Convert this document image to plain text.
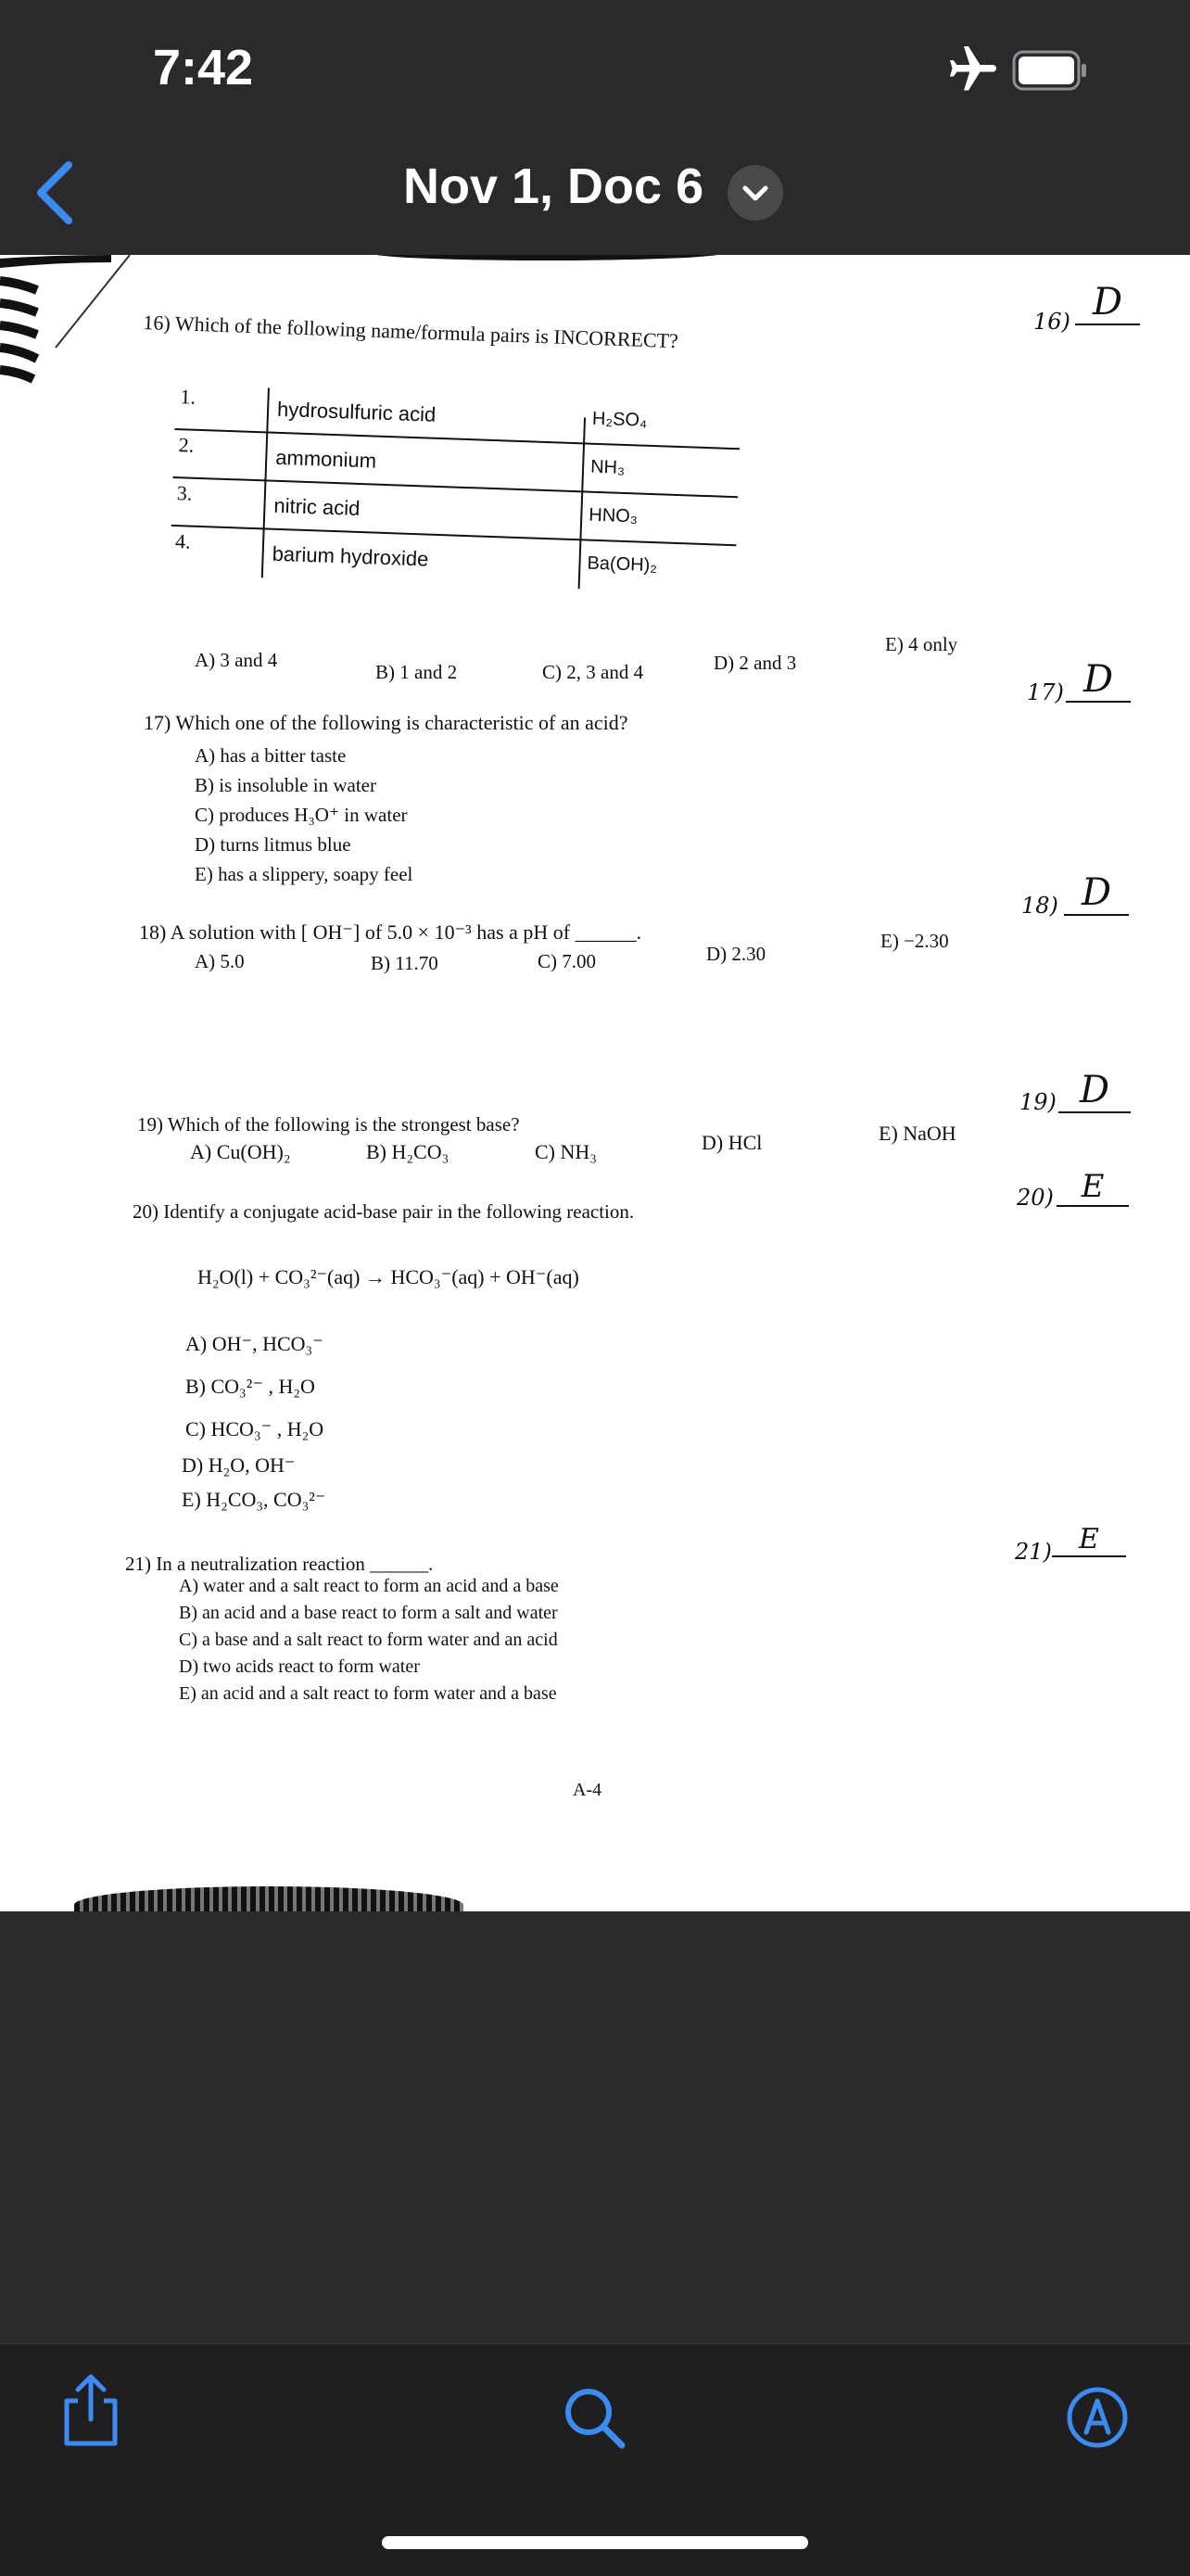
7:42
Nov 1, Doc 6
16) Which of the following name/formula pairs is INCORRECT?	16) D
1.
hydrosulfuric acid	H₂SO₄
2.
ammonium	NH₃
3.
nitric acid	HNO₃
4.
barium hydroxide	Ba(OH)₂
A) 3 and 4
B) 1 and 2	C) 2, 3 and 4	D) 2 and 3
E) 4 only
17) Which one of the following is characteristic of an acid?
17) D
A) has a bitter taste
B) is insoluble in water
C) produces H₃O⁺ in water
D) turns litmus blue
E) has a slippery, soapy feel
18) A solution with [ OH⁻] of 5.0 × 10⁻³ has a pH of ______.
18) D
A) 5.0	B) 11.70	C) 7.00	D) 2.30
E) −2.30
19) Which of the following is the strongest base?
19) D
A) Cu(OH)₂	B) H₂CO₃	C) NH₃	D) HCl	E) NaOH
20) Identify a conjugate acid-base pair in the following reaction.
20) E
H₂O(l) + CO₃²⁻(aq) → HCO₃⁻(aq) + OH⁻(aq)
A) OH⁻, HCO₃⁻
B) CO₃²⁻ , H₂O
C) HCO₃⁻ , H₂O
D) H₂O, OH⁻
E) H₂CO₃, CO₃²⁻
21) In a neutralization reaction ______.	21) E
A) water and a salt react to form an acid and a base
B) an acid and a base react to form a salt and water
C) a base and a salt react to form water and an acid
D) two acids react to form water
E) an acid and a salt react to form water and a base
A-4
